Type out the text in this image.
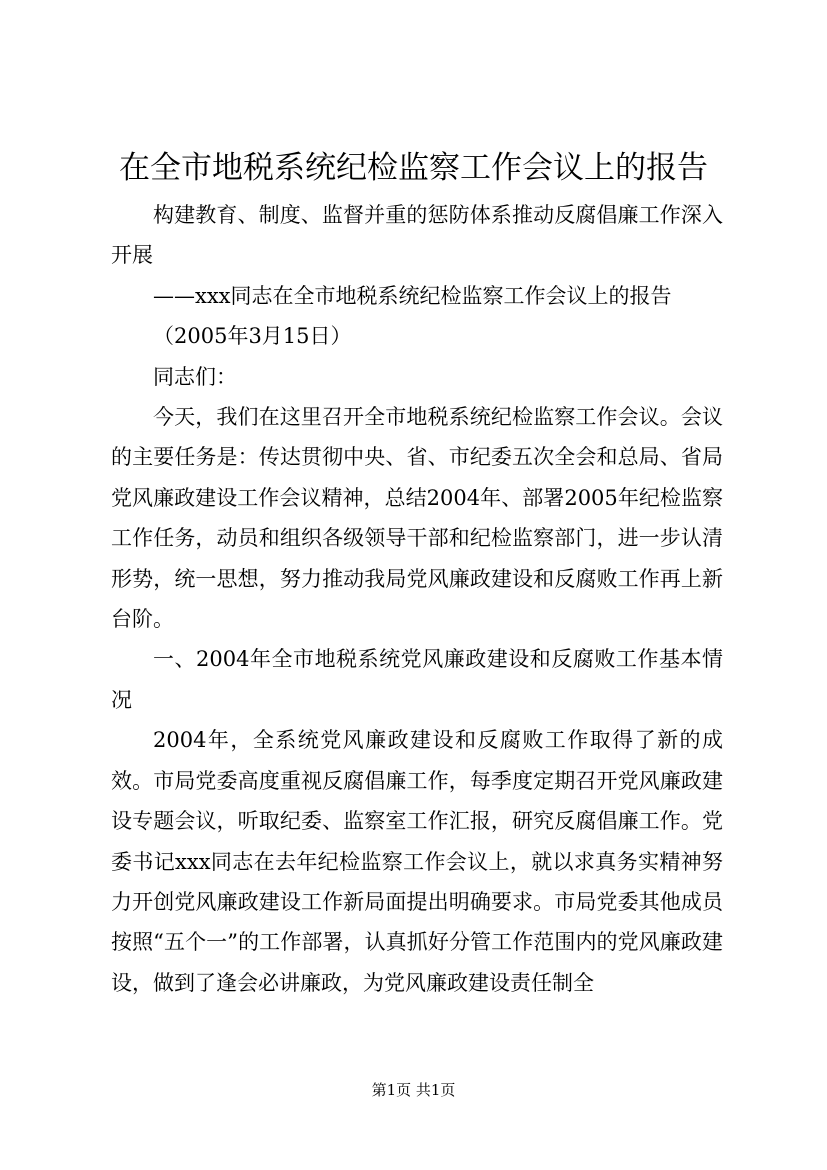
在全市地税系统纪检监察工作会议上的报告

构建教育、制度、监督并重的惩防体系推动反腐倡廉工作深入开展

——xxx同志在全市地税系统纪检监察工作会议上的报告

（2005年3月15日）

同志们：

今天，我们在这里召开全市地税系统纪检监察工作会议。会议的主要任务是：传达贯彻中央、省、市纪委五次全会和总局、省局党风廉政建设工作会议精神，总结2004年、部署2005年纪检监察工作任务，动员和组织各级领导干部和纪检监察部门，进一步认清形势，统一思想，努力推动我局党风廉政建设和反腐败工作再上新台阶。

一、2004年全市地税系统党风廉政建设和反腐败工作基本情况

2004年，全系统党风廉政建设和反腐败工作取得了新的成效。市局党委高度重视反腐倡廉工作，每季度定期召开党风廉政建设专题会议，听取纪委、监察室工作汇报，研究反腐倡廉工作。党委书记xxx同志在去年纪检监察工作会议上，就以求真务实精神努力开创党风廉政建设工作新局面提出明确要求。市局党委其他成员按照“五个一”的工作部署，认真抓好分管工作范围内的党风廉政建设，做到了逢会必讲廉政，为党风廉政建设责任制全

第1页 共1页
